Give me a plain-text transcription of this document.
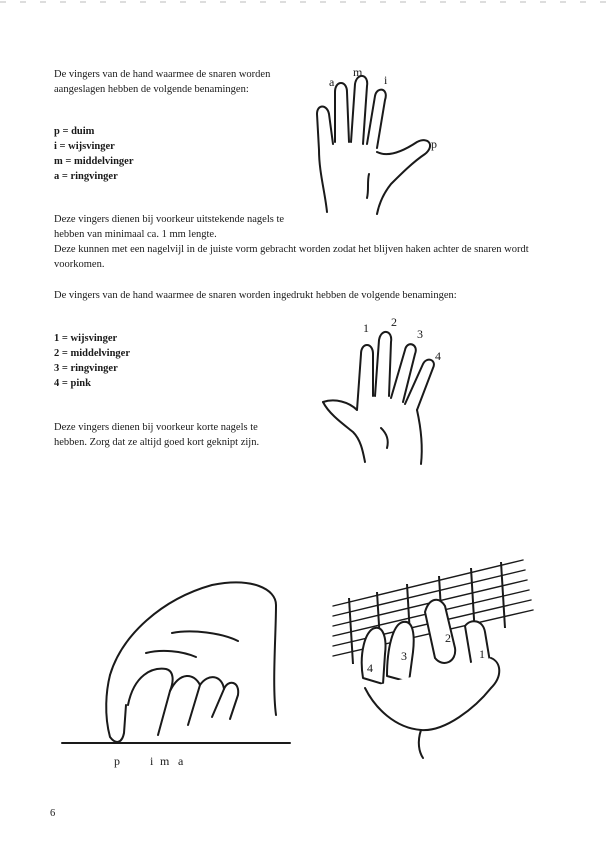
De vingers van de hand waarmee de snaren worden aangeslagen hebben de volgende benamingen:

p = duim
i = wijsvinger
m = middelvinger
a = ringvinger

Deze vingers dienen bij voorkeur uitstekende nagels te hebben van minimaal ca. 1 mm lengte.

Deze kunnen met een nagelvijl in de juiste vorm gebracht worden zodat het blijven haken achter de snaren wordt voorkomen.

De vingers van de hand waarmee de snaren worden ingedrukt hebben de volgende benamingen:

1 = wijsvinger
2 = middelvinger
3 = ringvinger
4 = pink

Deze vingers dienen bij voorkeur korte nagels te hebben. Zorg dat ze altijd goed kort geknipt zijn.

a
m
i
p
1 2
3
4
p	i m a
1
2
3
4
6
